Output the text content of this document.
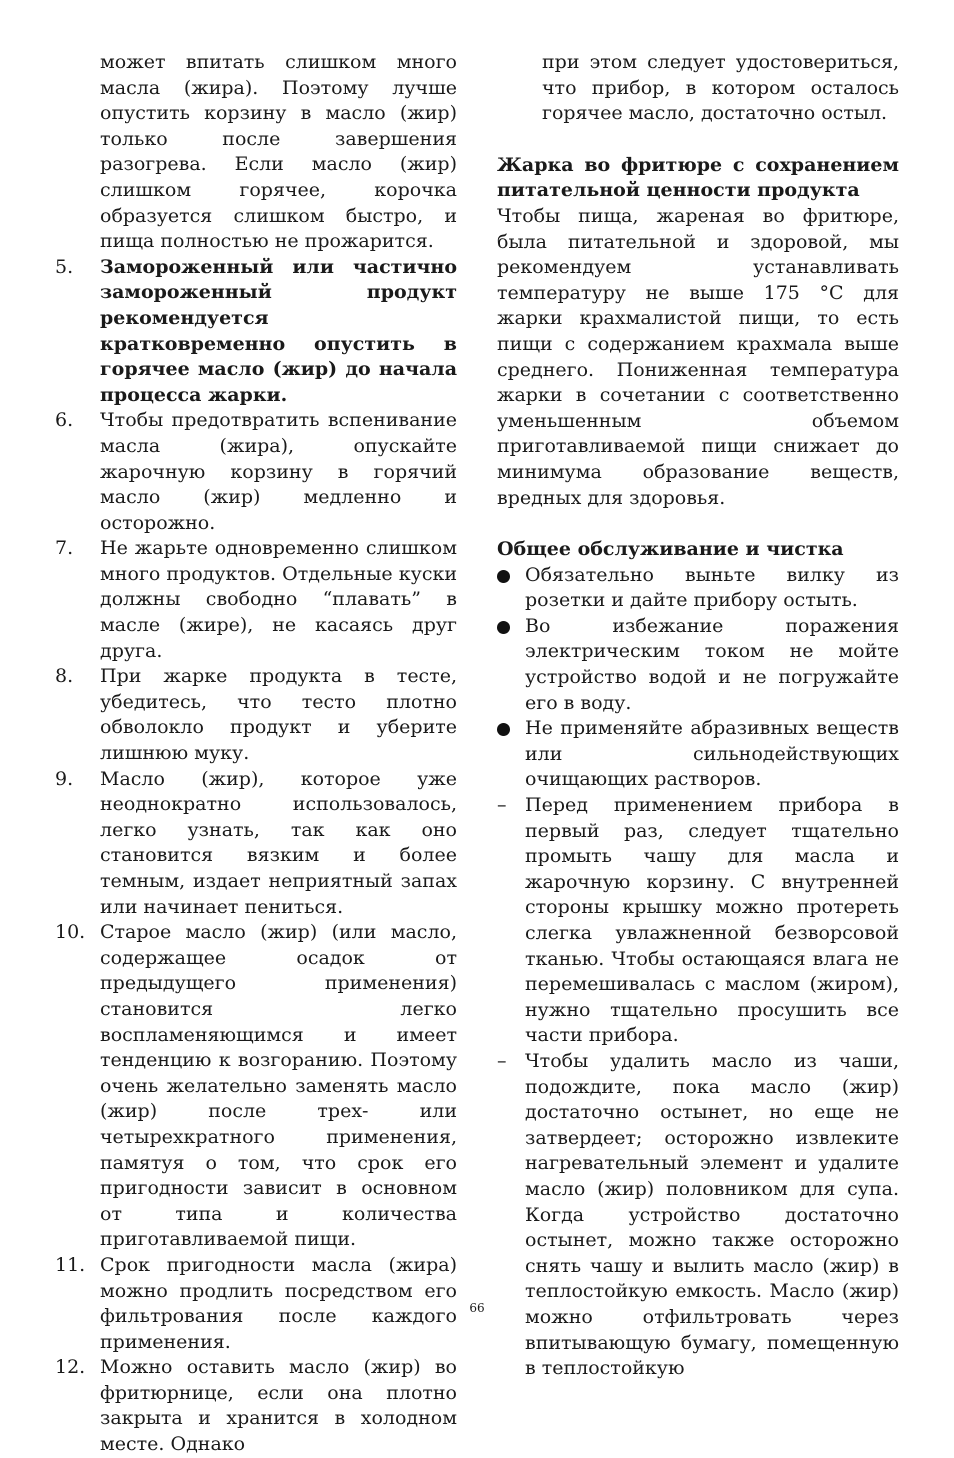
может впитать слишком много масла (жира). Поэтому лучше опустить корзину в масло (жир) только после завершения разогрева. Если масло (жир) слишком горячее, корочка образуется слишком быстро, и пища полностью не прожарится.

5. Замороженный или частично замороженный продукт рекомендуется кратковременно опустить в горячее масло (жир) до начала процесса жарки.

6. Чтобы предотвратить вспенивание масла (жира), опускайте жарочную корзину в горячий масло (жир) медленно и осторожно.

7. Не жарьте одновременно слишком много продуктов. Отдельные куски должны свободно “плавать” в масле (жире), не касаясь друг друга.

8. При жарке продукта в тесте, убедитесь, что тесто плотно обволокло продукт и уберите лишнюю муку.

9. Масло (жир), которое уже неоднократно использовалось, легко узнать, так как оно становится вязким и более темным, издает неприятный запах или начинает пениться.

10. Старое масло (жир) (или масло, содержащее осадок от предыдущего применения) становится легко воспламеняющимся и имеет тенденцию к возгоранию. Поэтому очень желательно заменять масло (жир) после трех- или четырехкратного применения, памятуя о том, что срок его пригодности зависит в основном от типа и количества приготавливаемой пищи.

11. Срок пригодности масла (жира) можно продлить посредством его фильтрования после каждого применения.

12. Можно оставить масло (жир) во фритюрнице, если она плотно закрыта и хранится в холодном месте. Однако

при этом следует удостовериться, что прибор, в котором осталось горячее масло, достаточно остыл.

Жарка во фритюре с сохранением питательной ценности продукта

Чтобы пища, жареная во фритюре, была питательной и здоровой, мы рекомендуем устанавливать температуру не выше 175 °C для жарки крахмалистой пищи, то есть пищи с содержанием крахмала выше среднего. Пониженная температура жарки в сочетании с соответственно уменьшенным объемом приготавливаемой пищи снижает до минимума образование веществ, вредных для здоровья.

Общее обслуживание и чистка

Обязательно выньте вилку из розетки и дайте прибору остыть.

Во избежание поражения электрическим током не мойте устройство водой и не погружайте его в воду.

Не применяйте абразивных веществ или сильнодействующих очищающих растворов.

– Перед применением прибора в первый раз, следует тщательно промыть чашу для масла и жарочную корзину. С внутренней стороны крышку можно протереть слегка увлажненной безворсовой тканью. Чтобы остающаяся влага не перемешивалась с маслом (жиром), нужно тщательно просушить все части прибора.

– Чтобы удалить масло из чаши, подождите, пока масло (жир) достаточно остынет, но еще не затвердеет; осторожно извлеките нагревательный элемент и удалите масло (жир) половником для супа. Когда устройство достаточно остынет, можно также осторожно снять чашу и вылить масло (жир) в теплостойкую емкость. Масло (жир) можно отфильтровать через впитывающую бумагу, помещенную в теплостойкую

66
